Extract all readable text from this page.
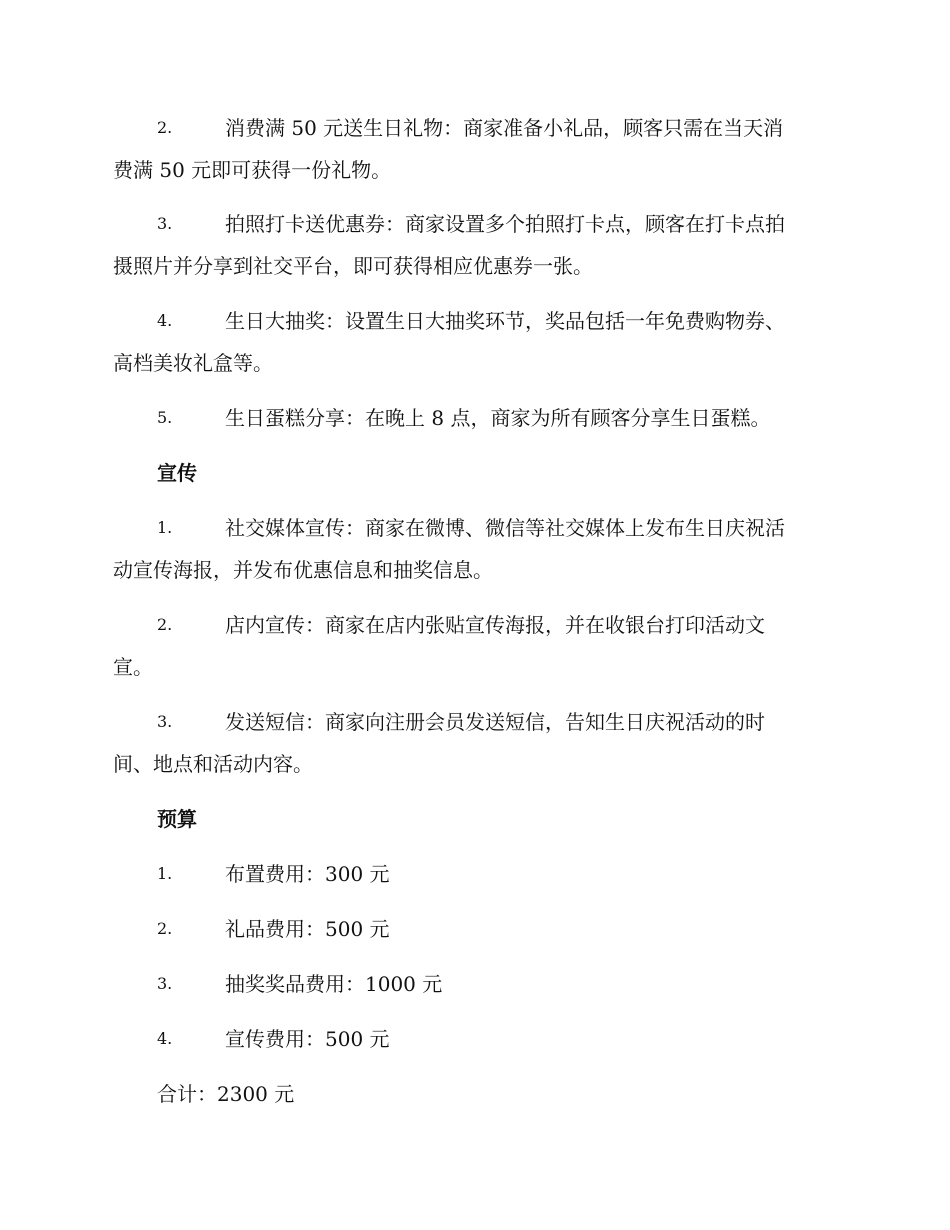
2.	消费满 50 元送生日礼物：商家准备小礼品，顾客只需在当天消
费满 50 元即可获得一份礼物。
3.	拍照打卡送优惠券：商家设置多个拍照打卡点，顾客在打卡点拍
摄照片并分享到社交平台，即可获得相应优惠券一张。
4.	生日大抽奖：设置生日大抽奖环节，奖品包括一年免费购物券、
高档美妆礼盒等。
5.	生日蛋糕分享：在晚上 8 点，商家为所有顾客分享生日蛋糕。
宣传
1.	社交媒体宣传：商家在微博、微信等社交媒体上发布生日庆祝活
动宣传海报，并发布优惠信息和抽奖信息。
2.	店内宣传：商家在店内张贴宣传海报，并在收银台打印活动文
宣。
3.	发送短信：商家向注册会员发送短信，告知生日庆祝活动的时
间、地点和活动内容。
预算
1.	布置费用：300 元
2.	礼品费用：500 元
3.	抽奖奖品费用：1000 元
4.	宣传费用：500 元

合计：2300 元
